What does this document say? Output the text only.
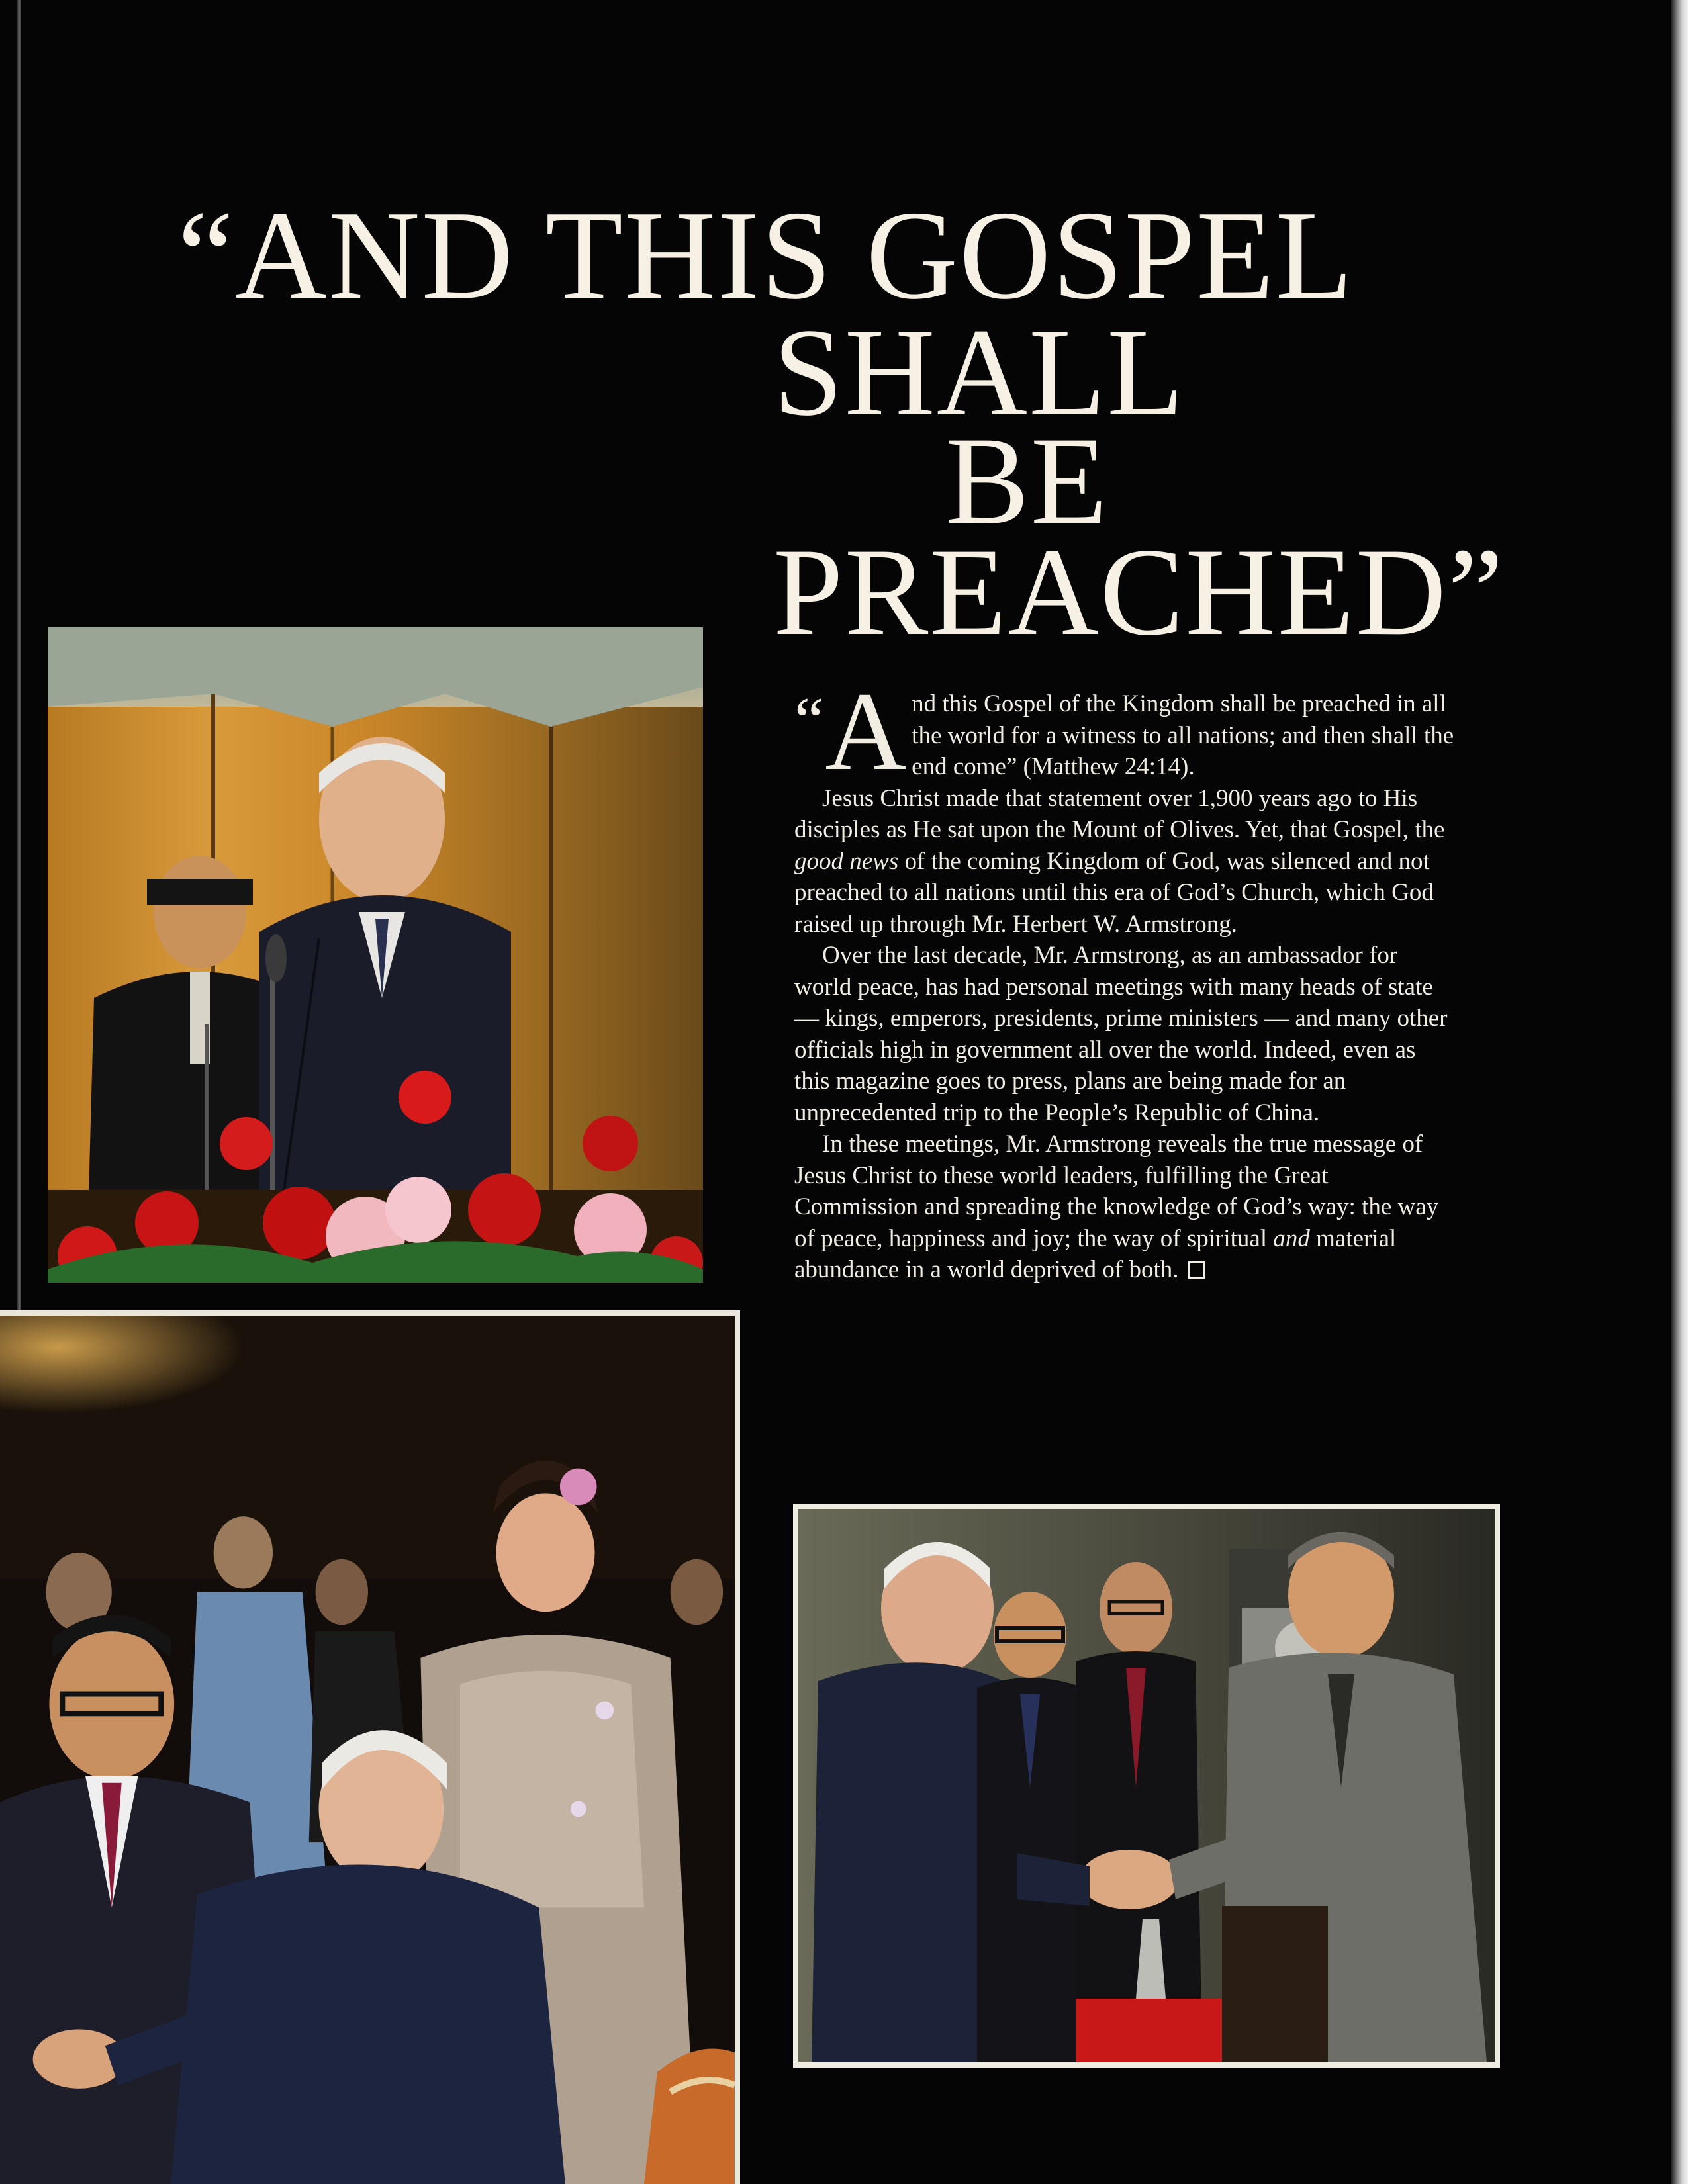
“AND THIS GOSPEL
SHALL
BE
PREACHED”

“ A nd this Gospel of the Kingdom shall be preached in all the world for a witness to all nations; and then shall the end come” (Matthew 24:14).

Jesus Christ made that statement over 1,900 years ago to His disciples as He sat upon the Mount of Olives. Yet, that Gospel, the good news of the coming Kingdom of God, was silenced and not preached to all nations until this era of God’s Church, which God raised up through Mr. Herbert W. Armstrong.

Over the last decade, Mr. Armstrong, as an ambassador for world peace, has had personal meetings with many heads of state — kings, emperors, presidents, prime ministers — and many other officials high in government all over the world. Indeed, even as this magazine goes to press, plans are being made for an unprecedented trip to the People’s Republic of China.

In these meetings, Mr. Armstrong reveals the true message of Jesus Christ to these world leaders, fulfilling the Great Commission and spreading the knowledge of God’s way: the way of peace, happiness and joy; the way of spiritual and material abundance in a world deprived of both.
